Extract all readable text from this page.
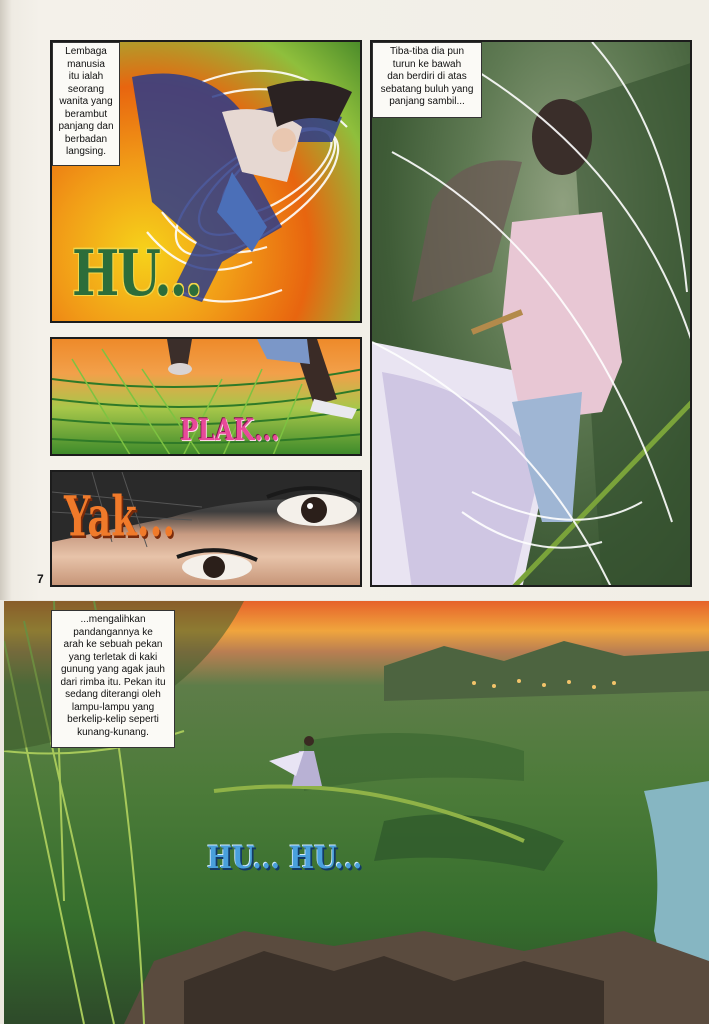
Lembaga
manusia
itu ialah
seorang
wanita yang
berambut
panjang dan
berbadan
langsing.
Tiba-tiba dia pun
turun ke bawah
dan berdiri di atas
sebatang buluh yang
panjang sambil...
...mengalihkan
pandangannya ke
arah ke sebuah pekan
yang terletak di kaki
gunung yang agak jauh
dari rimba itu. Pekan itu
sedang diterangi oleh
lampu-lampu yang
berkelip-kelip seperti
kunang-kunang.
HU...
PLAK...
Yak...
HU... HU...
7
